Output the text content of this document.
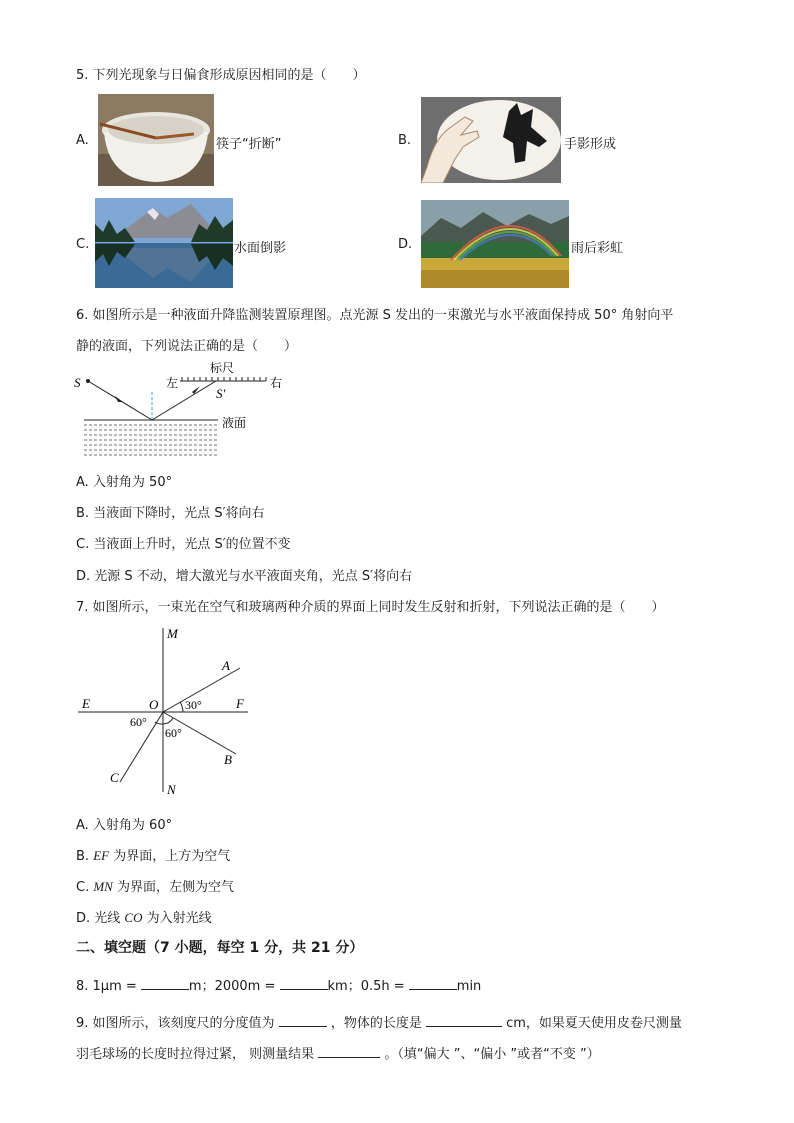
5. 下列光现象与日偏食形成原因相同的是（　　）
A.	筷子“折断”	B.	手影形成
C.	水面倒影	D.	雨后彩虹
6. 如图所示是一种液面升降监测装置原理图。点光源 S 发出的一束激光与水平液面保持成 50° 角射向平
静的液面，下列说法正确的是（　　）
S	左
标尺
右
S′
液面
A. 入射角为 50°
B. 当液面下降时，光点 S′将向右
C. 当液面上升时，光点 S′的位置不变
D. 光源 S 不动，增大激光与水平液面夹角，光点 S′将向右
7. 如图所示，一束光在空气和玻璃两种介质的界面上同时发生反射和折射，下列说法正确的是（　　）
M
A
E	O 30°	F
60°
60°
B
C
N
A. 入射角为 60°
B. EF 为界面，上方为空气
C. MN 为界面，左侧为空气
D. 光线 CO 为入射光线
二、填空题（7 小题，每空 1 分，共 21 分）
8. 1μm =	m；2000m =	km；0.5h =	min
9. 如图所示，该刻度尺的分度值为	，物体的长度是	cm，如果夏天使用皮卷尺测量
羽毛球场的长度时拉得过紧， 则测量结果	。（填“偏大 ”、“偏小 ”或者“不变 ”）
